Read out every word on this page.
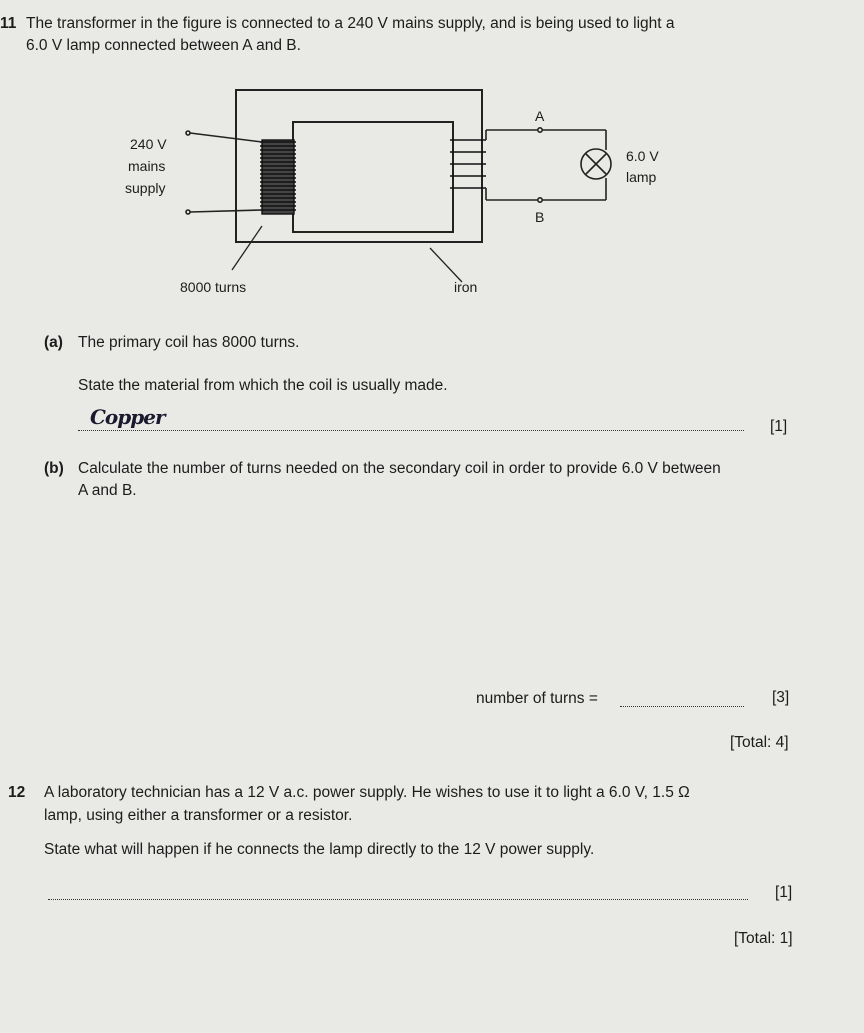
11 The transformer in the figure is connected to a 240 V mains supply, and is being used to light a
6.0 V lamp connected between A and B.
240 V
mains
supply
A
B
6.0 V
lamp
8000 turns	iron
(a) The primary coil has 8000 turns.
State the material from which the coil is usually made.
Copper	[1]
(b) Calculate the number of turns needed on the secondary coil in order to provide 6.0 V between
A and B.
number of turns =	[3]
[Total: 4]
12 A laboratory technician has a 12 V a.c. power supply. He wishes to use it to light a 6.0 V, 1.5 Ω
lamp, using either a transformer or a resistor.
State what will happen if he connects the lamp directly to the 12 V power supply.
[1]
[Total: 1]
